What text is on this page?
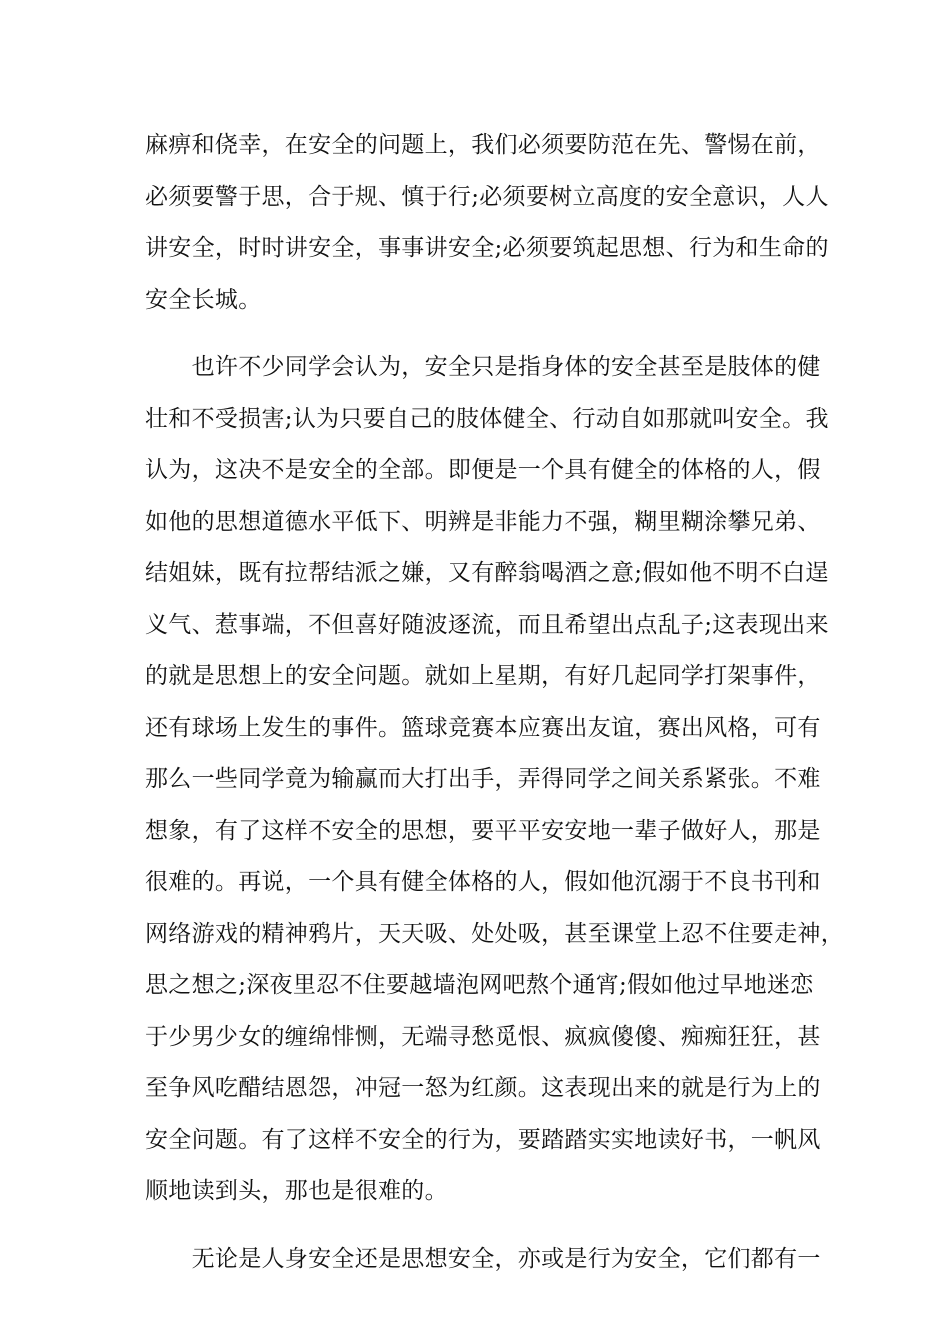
麻痹和侥幸，在安全的问题上，我们必须要防范在先、警惕在前，
必须要警于思，合于规、慎于行;必须要树立高度的安全意识，人人
讲安全，时时讲安全，事事讲安全;必须要筑起思想、行为和生命的
安全长城。
　　也许不少同学会认为，安全只是指身体的安全甚至是肢体的健
壮和不受损害;认为只要自己的肢体健全、行动自如那就叫安全。我
认为，这决不是安全的全部。即便是一个具有健全的体格的人，假
如他的思想道德水平低下、明辨是非能力不强，糊里糊涂攀兄弟、
结姐妹，既有拉帮结派之嫌，又有醉翁喝酒之意;假如他不明不白逞
义气、惹事端，不但喜好随波逐流，而且希望出点乱子;这表现出来
的就是思想上的安全问题。就如上星期，有好几起同学打架事件，
还有球场上发生的事件。篮球竞赛本应赛出友谊，赛出风格，可有
那么一些同学竟为输赢而大打出手，弄得同学之间关系紧张。不难
想象，有了这样不安全的思想，要平平安安地一辈子做好人，那是
很难的。再说，一个具有健全体格的人，假如他沉溺于不良书刊和
网络游戏的精神鸦片，天天吸、处处吸，甚至课堂上忍不住要走神，
思之想之;深夜里忍不住要越墙泡网吧熬个通宵;假如他过早地迷恋
于少男少女的缠绵悱恻，无端寻愁觅恨、疯疯傻傻、痴痴狂狂，甚
至争风吃醋结恩怨，冲冠一怒为红颜。这表现出来的就是行为上的
安全问题。有了这样不安全的行为，要踏踏实实地读好书，一帆风
顺地读到头，那也是很难的。
　　无论是人身安全还是思想安全，亦或是行为安全，它们都有一
